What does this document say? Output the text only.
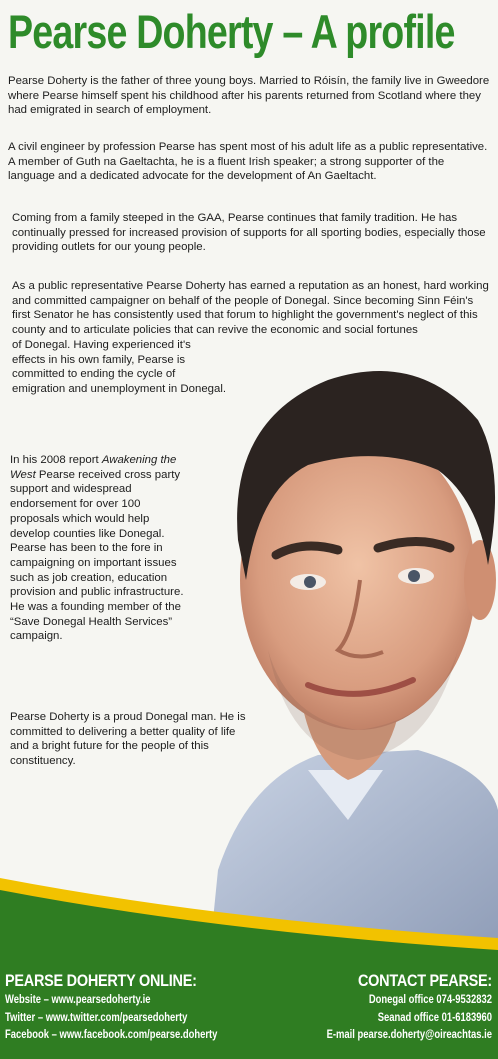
Pearse Doherty – A profile

Pearse Doherty is the father of three young boys. Married to Róisín, the family live in Gweedore where Pearse himself spent his childhood after his parents returned from Scotland where they had emigrated in search of employment.

A civil engineer by profession Pearse has spent most of his adult life as a public representative. A member of Guth na Gaeltachta, he is a fluent Irish speaker; a strong supporter of the language and a dedicated advocate for the development of An Gaeltacht.

Coming from a family steeped in the GAA, Pearse continues that family tradition. He has continually pressed for increased provision of supports for all sporting bodies, especially those providing outlets for our young people.

As a public representative Pearse Doherty has earned a reputation as an honest, hard working and committed campaigner on behalf of the people of Donegal. Since becoming Sinn Féin's first Senator he has consistently used that forum to highlight the government's neglect of this county and to articulate policies that can revive the economic and social fortunes
of Donegal. Having experienced it's effects in his own family, Pearse is committed to ending the cycle of emigration and unemployment in Donegal.

In his 2008 report Awakening the West Pearse received cross party support and widespread endorsement for over 100 proposals which would help develop counties like Donegal. Pearse has been to the fore in campaigning on important issues such as job creation, education provision and public infrastructure. He was a founding member of the “Save Donegal Health Services” campaign.

Pearse Doherty is a proud Donegal man. He is committed to delivering a better quality of life and a bright future for the people of this constituency.

PEARSE DOHERTY ONLINE:
Website – www.pearsedoherty.ie
Twitter – www.twitter.com/pearsedoherty
Facebook – www.facebook.com/pearse.doherty
CONTACT PEARSE:
Donegal office 074-9532832
Seanad office 01-6183960
E-mail pearse.doherty@oireachtas.ie
